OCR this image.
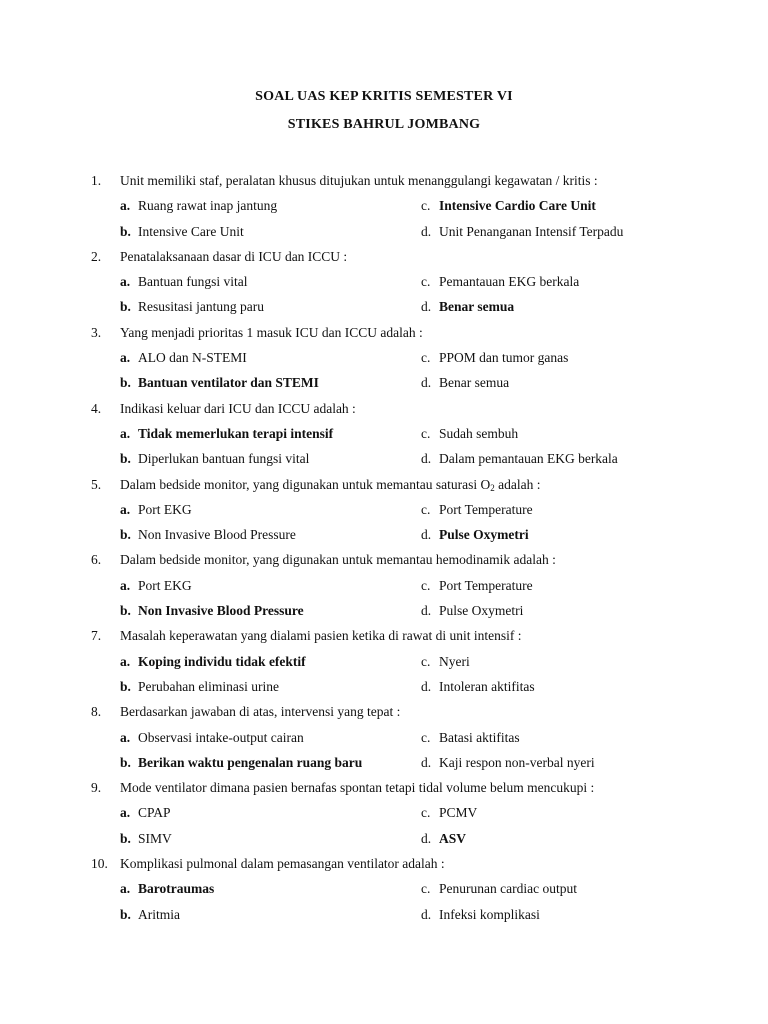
SOAL UAS KEP KRITIS SEMESTER VI
STIKES BAHRUL JOMBANG
1. Unit memiliki staf, peralatan khusus ditujukan untuk menanggulangi kegawatan / kritis :
a. Ruang rawat inap jantung	c. Intensive Cardio Care Unit
b. Intensive Care Unit	d. Unit Penanganan Intensif Terpadu
2. Penatalaksanaan dasar di ICU dan ICCU :
a. Bantuan fungsi vital	c. Pemantauan EKG berkala
b. Resusitasi jantung paru	d. Benar semua
3. Yang menjadi prioritas 1 masuk ICU dan ICCU adalah :
a. ALO dan N-STEMI	c. PPOM dan tumor ganas
b. Bantuan ventilator dan STEMI	d. Benar semua
4. Indikasi keluar dari ICU dan ICCU adalah :
a. Tidak memerlukan terapi intensif	c. Sudah sembuh
b. Diperlukan bantuan fungsi vital	d. Dalam pemantauan EKG berkala
5. Dalam bedside monitor, yang digunakan untuk memantau saturasi $O_2$ adalah :
a. Port EKG	c. Port Temperature
b. Non Invasive Blood Pressure	d. Pulse Oxymetri
6. Dalam bedside monitor, yang digunakan untuk memantau hemodinamik adalah :
a. Port EKG	c. Port Temperature
b. Non Invasive Blood Pressure	d. Pulse Oxymetri
7. Masalah keperawatan yang dialami pasien ketika di rawat di unit intensif :
a. Koping individu tidak efektif	c. Nyeri
b. Perubahan eliminasi urine	d. Intoleran aktifitas
8. Berdasarkan jawaban di atas, intervensi yang tepat :
a. Observasi intake-output cairan	c. Batasi aktifitas
b. Berikan waktu pengenalan ruang baru	d. Kaji respon non-verbal nyeri
9. Mode ventilator dimana pasien bernafas spontan tetapi tidal volume belum mencukupi :
a. CPAP	c. PCMV
b. SIMV	d. ASV
10. Komplikasi pulmonal dalam pemasangan ventilator adalah :
a. Barotraumas	c. Penurunan cardiac output
b. Aritmia	d. Infeksi komplikasi
